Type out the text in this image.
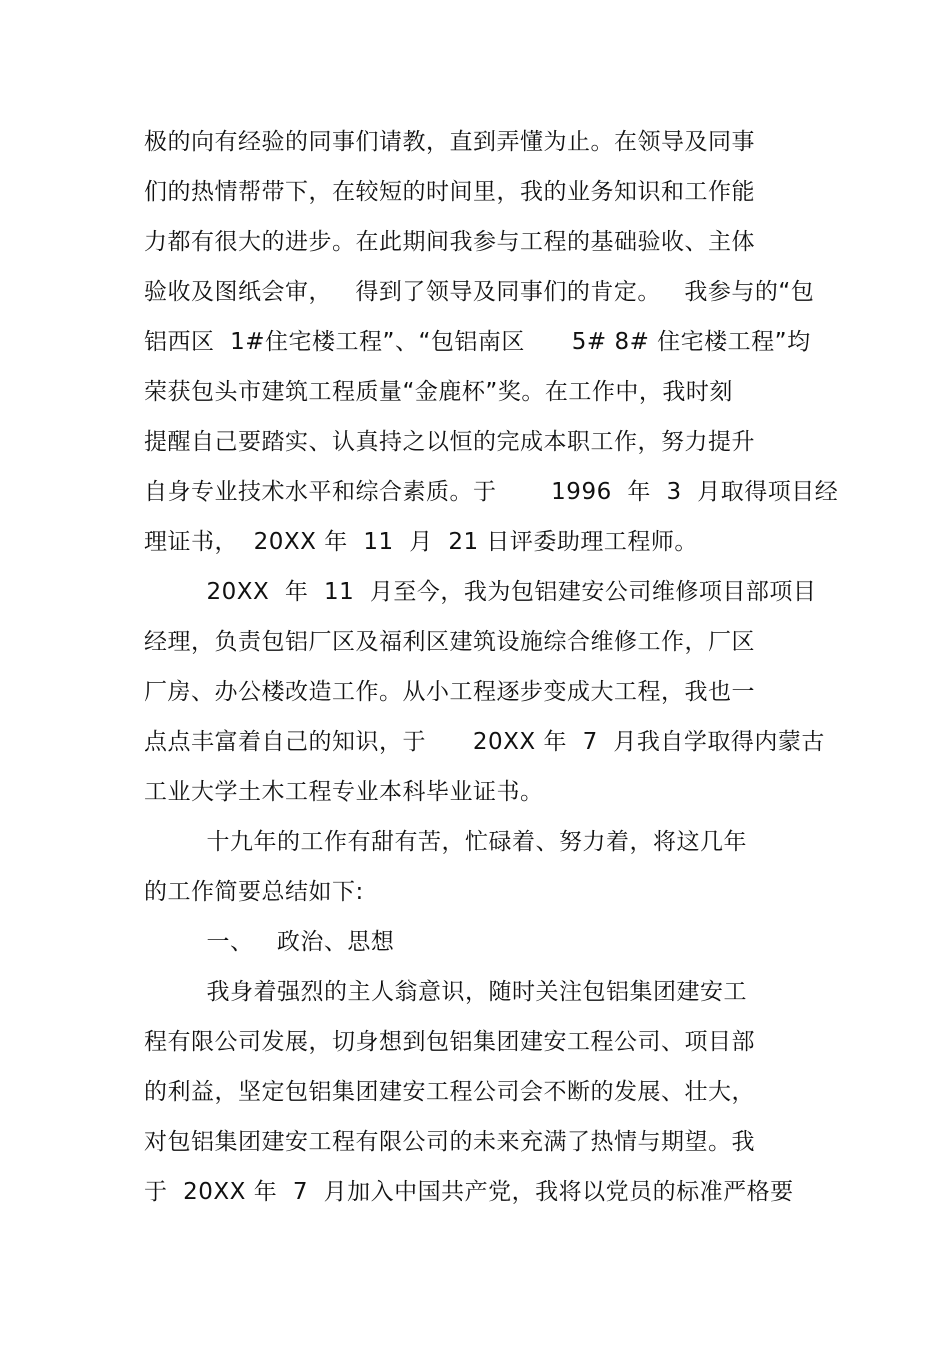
极的向有经验的同事们请教，直到弄懂为止。在领导及同事
们的热情帮带下，在较短的时间里，我的业务知识和工作能
力都有很大的进步。在此期间我参与工程的基础验收、主体
验收及图纸会审，   得到了领导及同事们的肯定。   我参与的“包
铝西区  1#住宅楼工程”、“包铝南区      5# 8# 住宅楼工程”均
荣获包头市建筑工程质量“金鹿杯”奖。在工作中，我时刻
提醒自己要踏实、认真持之以恒的完成本职工作，努力提升
自身专业技术水平和综合素质。于       1996  年  3  月取得项目经
理证书，  20XX 年  11  月  21 日评委助理工程师。
20XX  年  11  月至今，我为包铝建安公司维修项目部项目
经理，负责包铝厂区及福利区建筑设施综合维修工作，厂区
厂房、办公楼改造工作。从小工程逐步变成大工程，我也一
点点丰富着自己的知识，于      20XX 年  7  月我自学取得内蒙古
工业大学土木工程专业本科毕业证书。
十九年的工作有甜有苦，忙碌着、努力着，将这几年
的工作简要总结如下:
一、   政治、思想
我身着强烈的主人翁意识，随时关注包铝集团建安工
程有限公司发展，切身想到包铝集团建安工程公司、项目部
的利益，坚定包铝集团建安工程公司会不断的发展、壮大，
对包铝集团建安工程有限公司的未来充满了热情与期望。我
于  20XX 年  7  月加入中国共产党，我将以党员的标准严格要
